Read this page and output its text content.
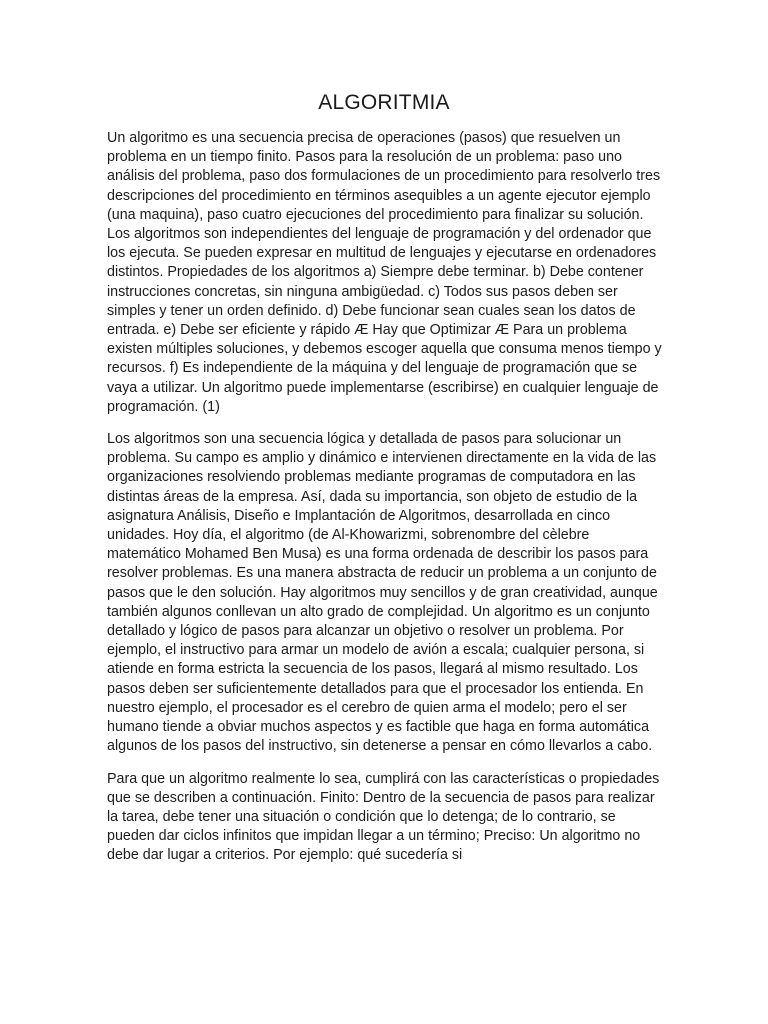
ALGORITMIA

Un algoritmo es una secuencia precisa de operaciones (pasos) que resuelven un problema en un tiempo finito. Pasos para la resolución de un problema: paso uno análisis del problema, paso dos formulaciones de un procedimiento para resolverlo tres descripciones del procedimiento en términos asequibles a un agente ejecutor ejemplo (una maquina), paso cuatro ejecuciones del procedimiento para finalizar su solución. Los algoritmos son independientes del lenguaje de programación y del ordenador que los ejecuta. Se pueden expresar en multitud de lenguajes y ejecutarse en ordenadores distintos. Propiedades de los algoritmos a) Siempre debe terminar. b) Debe contener instrucciones concretas, sin ninguna ambigüedad. c) Todos sus pasos deben ser simples y tener un orden definido. d) Debe funcionar sean cuales sean los datos de entrada. e) Debe ser eficiente y rápido Æ Hay que Optimizar Æ Para un problema existen múltiples soluciones, y debemos escoger aquella que consuma menos tiempo y recursos. f) Es independiente de la máquina y del lenguaje de programación que se vaya a utilizar. Un algoritmo puede implementarse (escribirse) en cualquier lenguaje de programación. (1)

Los algoritmos son una secuencia lógica y detallada de pasos para solucionar un problema. Su campo es amplio y dinámico e intervienen directamente en la vida de las organizaciones resolviendo problemas mediante programas de computadora en las distintas áreas de la empresa. Así, dada su importancia, son objeto de estudio de la asignatura Análisis, Diseño e Implantación de Algoritmos, desarrollada en cinco unidades. Hoy día, el algoritmo (de Al-Khowarizmi, sobrenombre del cèlebre matemático Mohamed Ben Musa) es una forma ordenada de describir los pasos para resolver problemas. Es una manera abstracta de reducir un problema a un conjunto de pasos que le den solución. Hay algoritmos muy sencillos y de gran creatividad, aunque también algunos conllevan un alto grado de complejidad. Un algoritmo es un conjunto detallado y lógico de pasos para alcanzar un objetivo o resolver un problema. Por ejemplo, el instructivo para armar un modelo de avión a escala; cualquier persona, si atiende en forma estricta la secuencia de los pasos, llegará al mismo resultado. Los pasos deben ser suficientemente detallados para que el procesador los entienda. En nuestro ejemplo, el procesador es el cerebro de quien arma el modelo; pero el ser humano tiende a obviar muchos aspectos y es factible que haga en forma automática algunos de los pasos del instructivo, sin detenerse a pensar en cómo llevarlos a cabo.

Para que un algoritmo realmente lo sea, cumplirá con las características o propiedades que se describen a continuación. Finito: Dentro de la secuencia de pasos para realizar la tarea, debe tener una situación o condición que lo detenga; de lo contrario, se pueden dar ciclos infinitos que impidan llegar a un término; Preciso: Un algoritmo no debe dar lugar a criterios. Por ejemplo: qué sucedería si
